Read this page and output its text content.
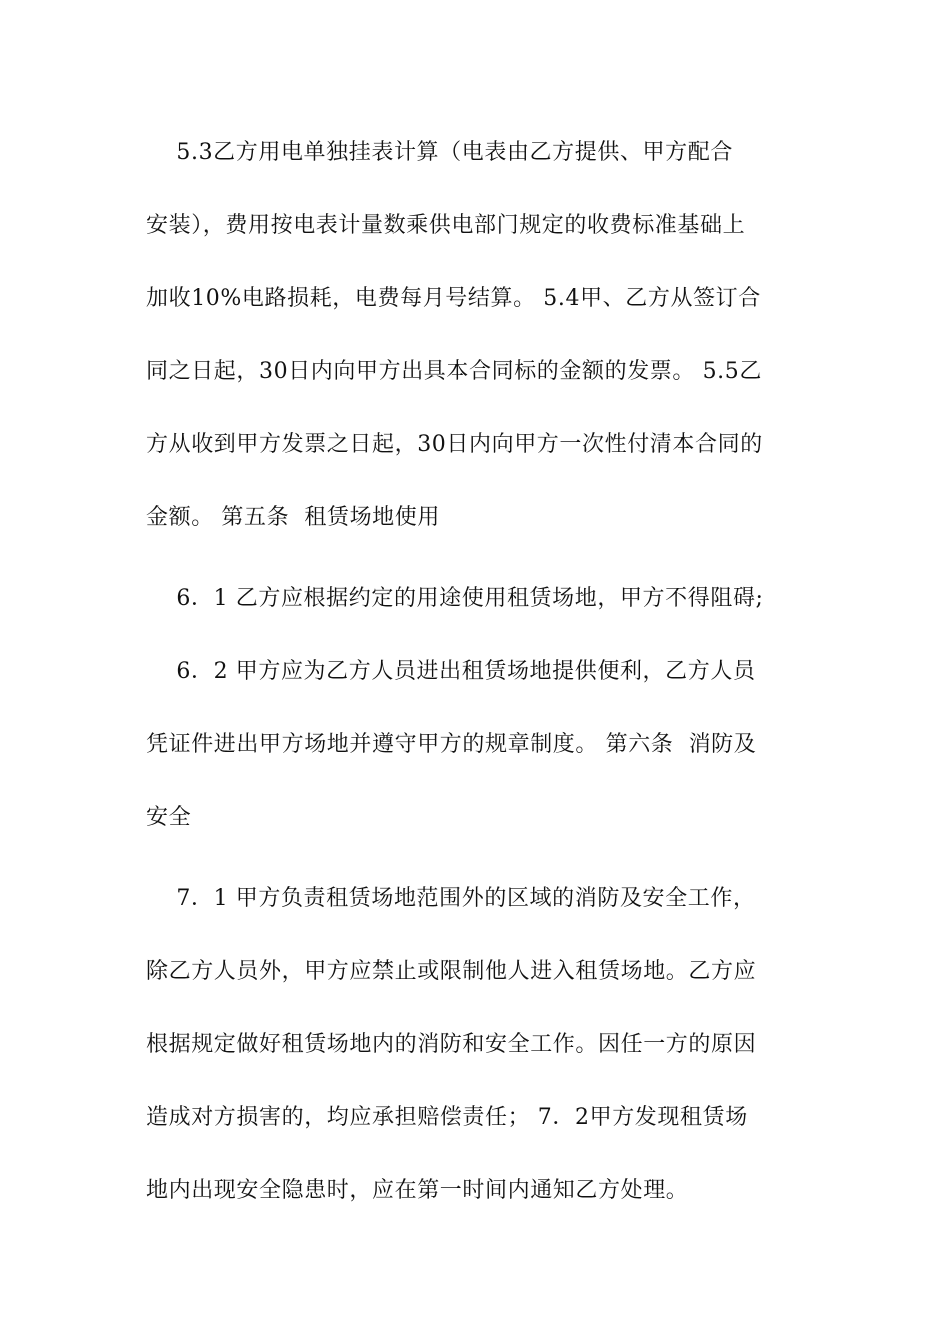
5.3乙方用电单独挂表计算（电表由乙方提供、甲方配合
安装），费用按电表计量数乘供电部门规定的收费标准基础上
加收10%电路损耗，电费每月号结算。 5.4甲、乙方从签订合
同之日起，30日内向甲方出具本合同标的金额的发票。 5.5乙
方从收到甲方发票之日起，30日内向甲方一次性付清本合同的
金额。 第五条  租赁场地使用
6．1 乙方应根据约定的用途使用租赁场地，甲方不得阻碍;
6．2 甲方应为乙方人员进出租赁场地提供便利，乙方人员
凭证件进出甲方场地并遵守甲方的规章制度。 第六条  消防及
安全
7．1 甲方负责租赁场地范围外的区域的消防及安全工作，
除乙方人员外，甲方应禁止或限制他人进入租赁场地。乙方应
根据规定做好租赁场地内的消防和安全工作。因任一方的原因
造成对方损害的，均应承担赔偿责任； 7．2甲方发现租赁场
地内出现安全隐患时，应在第一时间内通知乙方处理。
